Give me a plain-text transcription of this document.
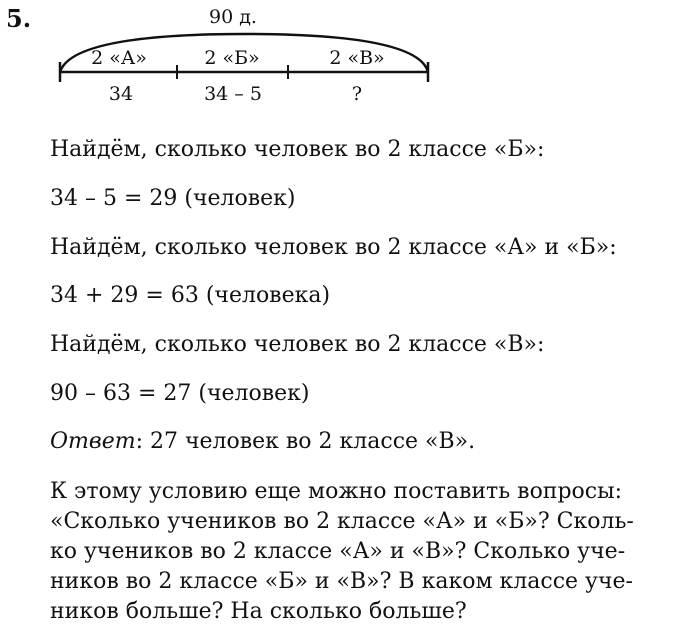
5.	90 д.
2 «А»	2 «Б»	2 «В»
34	34 – 5	?
Найдём, сколько человек во 2 классе «Б»:
34 – 5 = 29 (человек)
Найдём, сколько человек во 2 классе «А» и «Б»:
34 + 29 = 63 (человека)
Найдём, сколько человек во 2 классе «В»:
90 – 63 = 27 (человек)
Ответ: 27 человек во 2 классе «В».

К этому условию еще можно поставить вопросы:

«Сколько учеников во 2 классе «А» и «Б»? Сколь-

ко учеников во 2 классе «А» и «В»? Сколько уче-

ников во 2 классе «Б» и «В»? В каком классе уче-

ников больше? На сколько больше?
